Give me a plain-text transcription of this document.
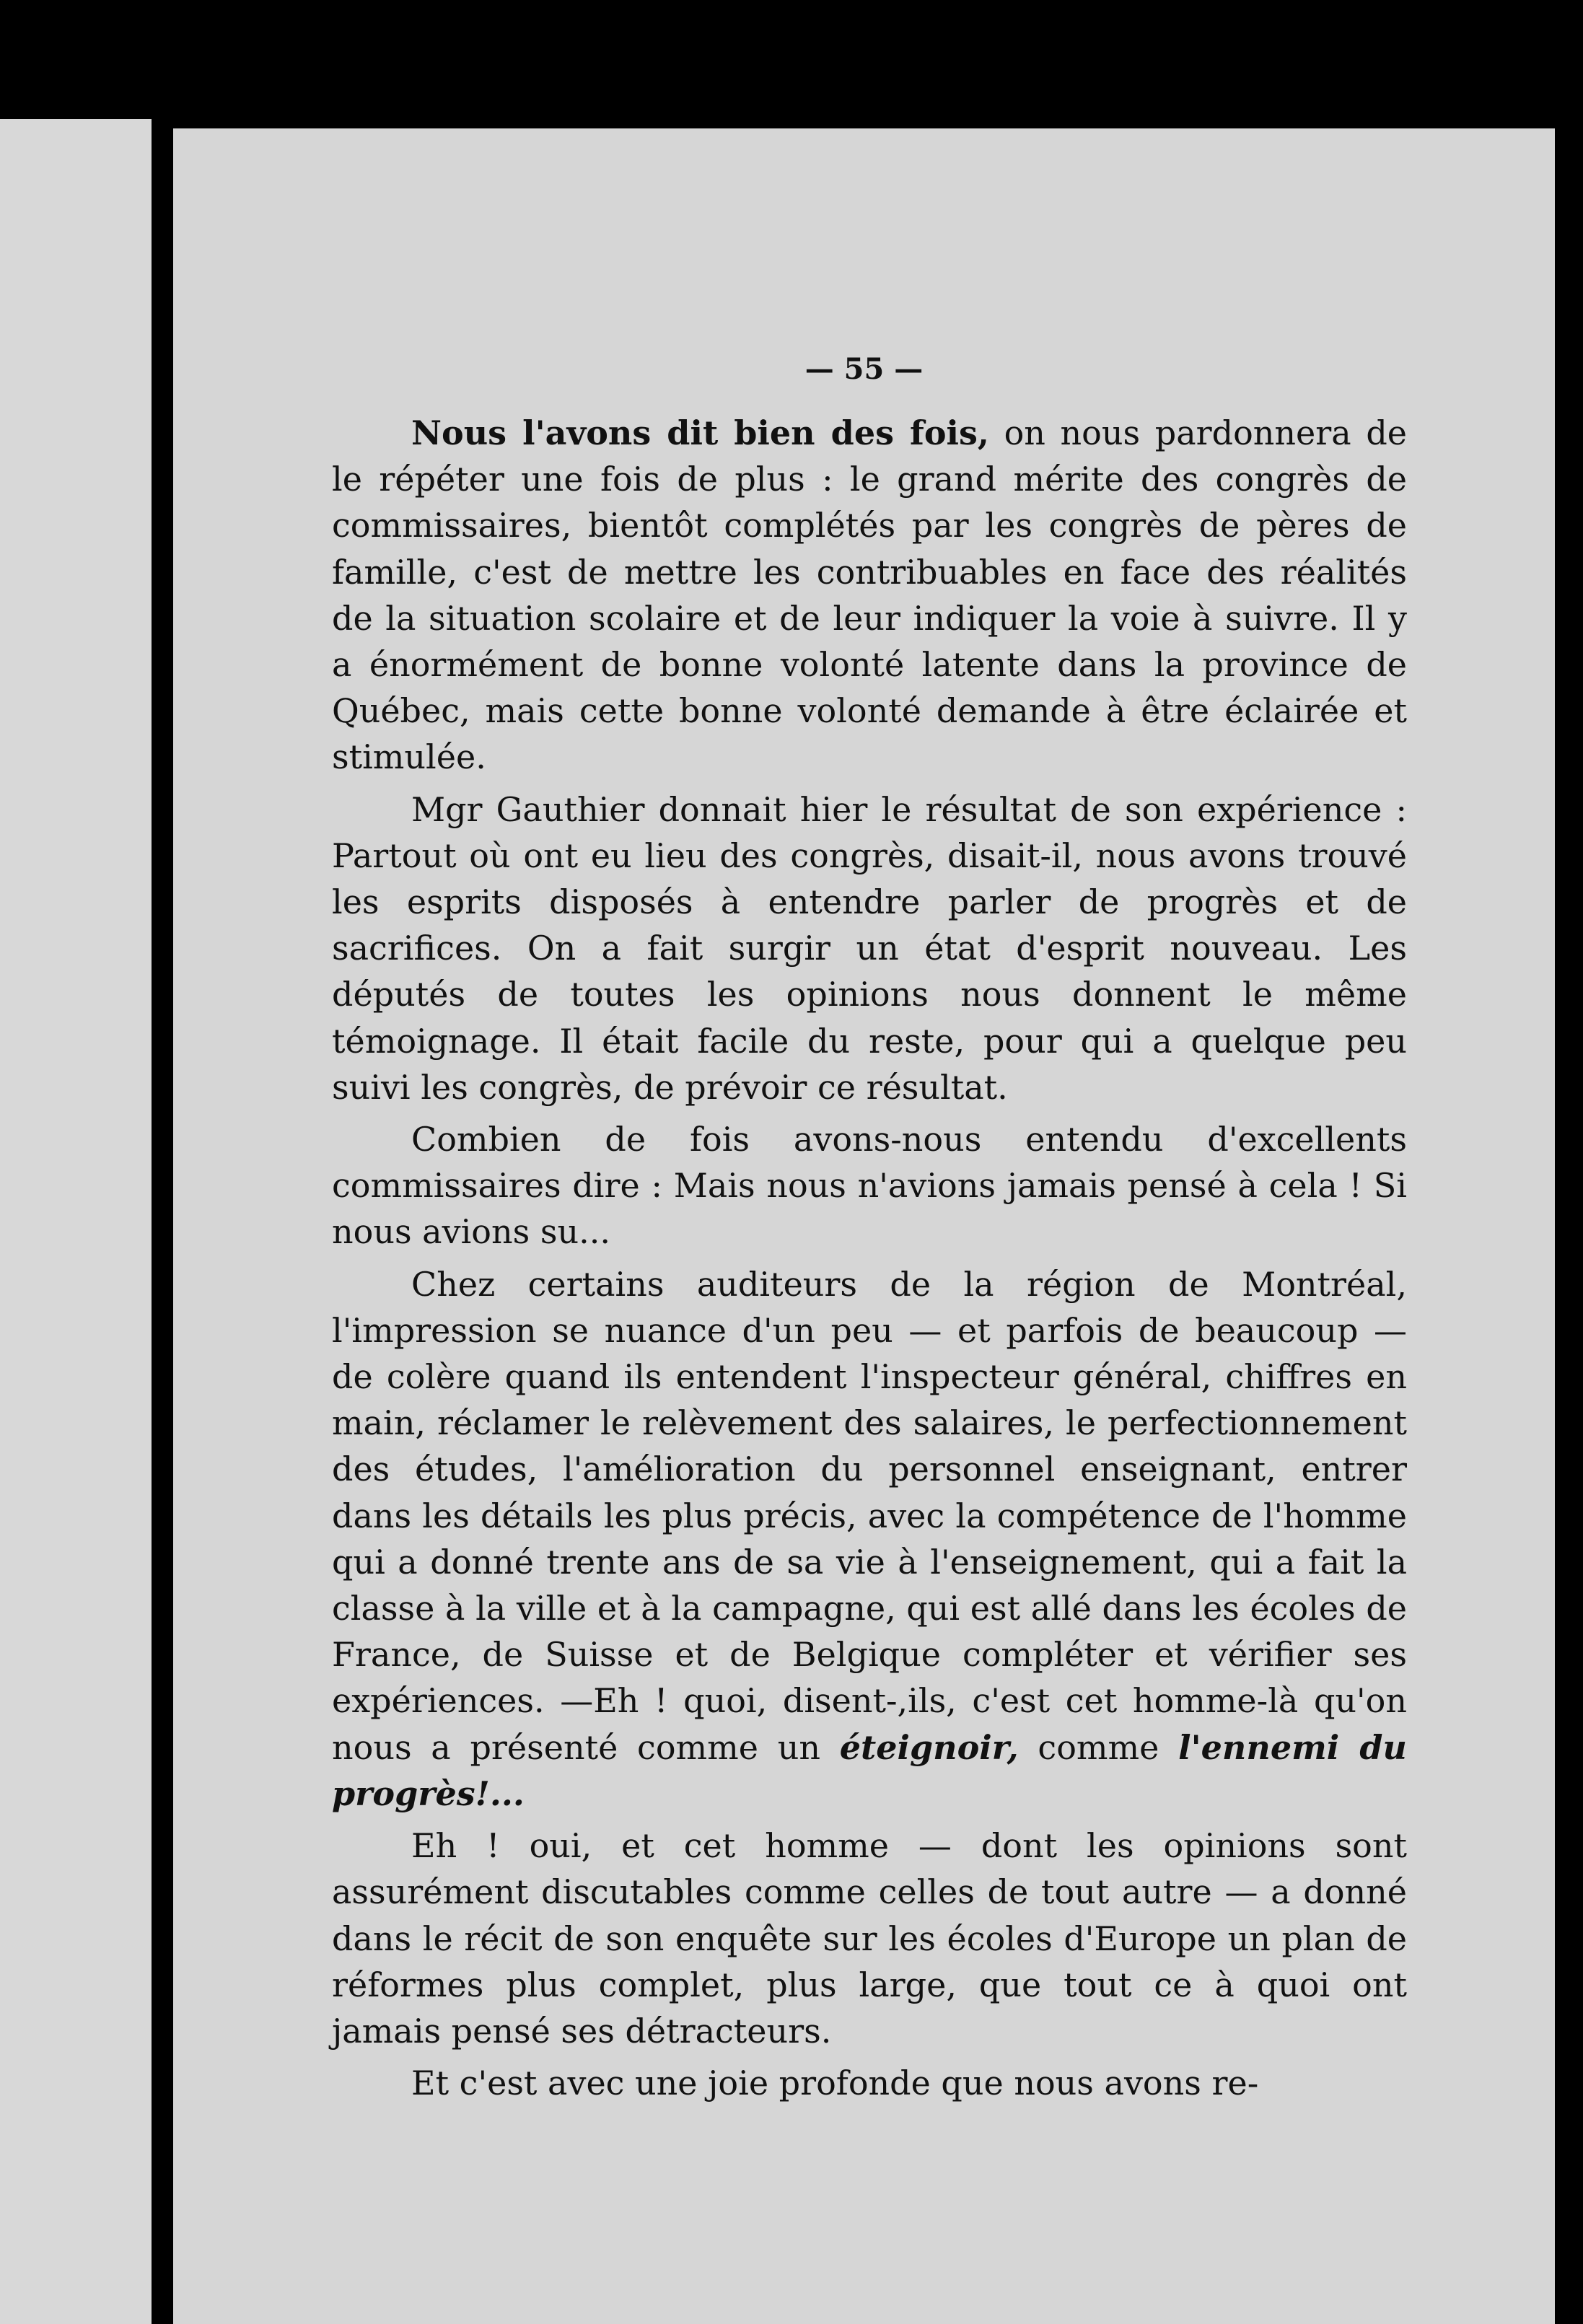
— 55 —

Nous l'avons dit bien des fois, on nous pardonnera de le répéter une fois de plus : le grand mérite des congrès de commissaires, bientôt complétés par les congrès de pères de famille, c'est de mettre les contribuables en face des réalités de la situation scolaire et de leur indiquer la voie à suivre. Il y a énormément de bonne volonté latente dans la province de Québec, mais cette bonne volonté demande à être éclairée et stimulée.

Mgr Gauthier donnait hier le résultat de son expérience : Partout où ont eu lieu des congrès, disait-il, nous avons trouvé les esprits disposés à entendre parler de progrès et de sacrifices. On a fait surgir un état d'esprit nouveau. Les députés de toutes les opinions nous donnent le même témoignage. Il était facile du reste, pour qui a quelque peu suivi les congrès, de prévoir ce résultat.

Combien de fois avons-nous entendu d'excellents commissaires dire : Mais nous n'avions jamais pensé à cela ! Si nous avions su...

Chez certains auditeurs de la région de Montréal, l'impression se nuance d'un peu — et parfois de beaucoup — de colère quand ils entendent l'inspecteur général, chiffres en main, réclamer le relèvement des salaires, le perfectionnement des études, l'amélioration du personnel enseignant, entrer dans les détails les plus précis, avec la compétence de l'homme qui a donné trente ans de sa vie à l'enseignement, qui a fait la classe à la ville et à la campagne, qui est allé dans les écoles de France, de Suisse et de Belgique compléter et vérifier ses expériences. —Eh ! quoi, disent-,ils, c'est cet homme-là qu'on nous a présenté comme un éteignoir, comme l'ennemi du progrès!...

Eh ! oui, et cet homme — dont les opinions sont assurément discutables comme celles de tout autre — a donné dans le récit de son enquête sur les écoles d'Europe un plan de réformes plus complet, plus large, que tout ce à quoi ont jamais pensé ses détracteurs.

Et c'est avec une joie profonde que nous avons re-
